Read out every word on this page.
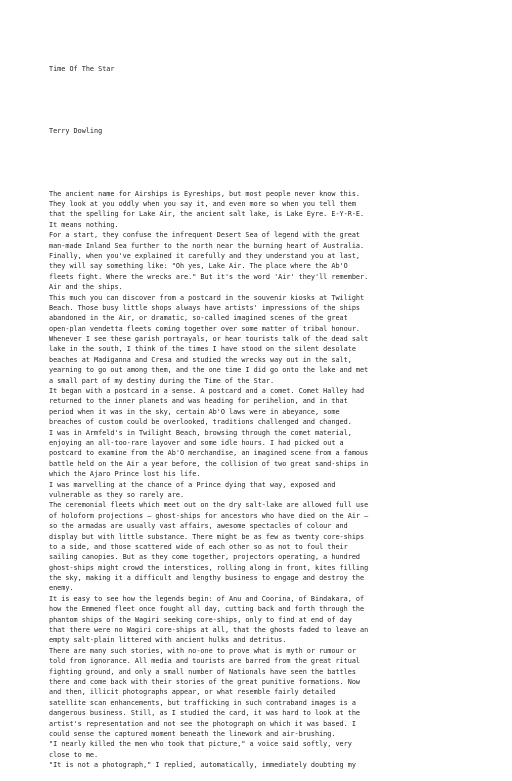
Time Of The Star

Terry Dowling

The ancient name for Airships is Eyreships, but most people never know this.
They look at you oddly when you say it, and even more so when you tell them
that the spelling for Lake Air, the ancient salt lake, is Lake Eyre. E-Y-R-E.
It means nothing.
For a start, they confuse the infrequent Desert Sea of legend with the great
man-made Inland Sea further to the north near the burning heart of Australia.
Finally, when you've explained it carefully and they understand you at last,
they will say something like: "Oh yes, Lake Air. The place where the Ab'O
fleets fight. Where the wrecks are." But it's the word 'Air' they'll remember.
Air and the ships.
This much you can discover from a postcard in the souvenir kiosks at Twilight
Beach. Those busy little shops always have artists' impressions of the ships
abandoned in the Air, or dramatic, so-called imagined scenes of the great
open-plan vendetta fleets coming together over some matter of tribal honour.
Whenever I see these garish portrayals, or hear tourists talk of the dead salt
lake in the south, I think of the times I have stood on the silent desolate
beaches at Madiganna and Cresa and studied the wrecks way out in the salt,
yearning to go out among them, and the one time I did go onto the lake and met
a small part of my destiny during the Time of the Star.
It began with a postcard in a sense. A postcard and a comet. Comet Halley had
returned to the inner planets and was heading for perihelion, and in that
period when it was in the sky, certain Ab'O laws were in abeyance, some
breaches of custom could be overlooked, traditions challenged and changed.
I was in Armfeld's in Twilight Beach, browsing through the comet material,
enjoying an all-too-rare layover and some idle hours. I had picked out a
postcard to examine from the Ab'O merchandise, an imagined scene from a famous
battle held on the Air a year before, the collision of two great sand-ships in
which the Ajaro Prince lost his life.
I was marvelling at the chance of a Prince dying that way, exposed and
vulnerable as they so rarely are.
The ceremonial fleets which meet out on the dry salt-lake are allowed full use
of holoform projections — ghost-ships for ancestors who have died on the Air —
so the armadas are usually vast affairs, awesome spectacles of colour and
display but with little substance. There might be as few as twenty core-ships
to a side, and those scattered wide of each other so as not to foul their
sailing canopies. But as they come together, projectors operating, a hundred
ghost-ships might crowd the interstices, rolling along in front, kites filling
the sky, making it a difficult and lengthy business to engage and destroy the
enemy.
It is easy to see how the legends begin: of Anu and Coorina, of Bindakara, of
how the Emmened fleet once fought all day, cutting back and forth through the
phantom ships of the Wagiri seeking core-ships, only to find at end of day
that there were no Wagiri core-ships at all, that the ghosts faded to leave an
empty salt-plain littered with ancient hulks and detritus.
There are many such stories, with no-one to prove what is myth or rumour or
told from ignorance. All media and tourists are barred from the great ritual
fighting ground, and only a small number of Nationals have seen the battles
there and come back with their stories of the great punitive formations. Now
and then, illicit photographs appear, or what resemble fairly detailed
satellite scan enhancements, but trafficking in such contraband images is a
dangerous business. Still, as I studied the card, it was hard to look at the
artist's representation and not see the photograph on which it was based. I
could sense the captured moment beneath the linework and air-brushing.
"I nearly killed the men who took that picture," a voice said softly, very
close to me.
"It is not a photograph," I replied, automatically, immediately doubting my
